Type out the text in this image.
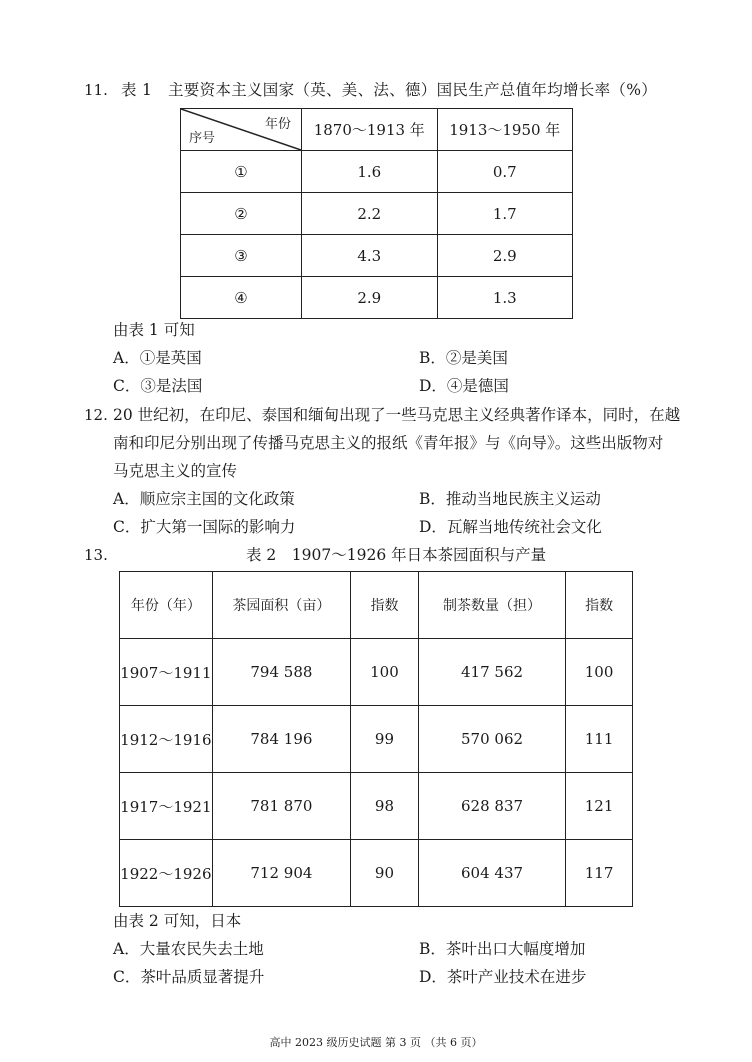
11. 表 1　主要资本主义国家（英、美、法、德）国民生产总值年均增长率（%）
年份
序号	1870～1913 年	1913～1950 年
①	1.6	0.7
②	2.2	1.7
③	4.3	2.9
④	2.9	1.3
由表 1 可知
A．①是英国	B．②是美国
C．③是法国	D．④是德国
12. 20 世纪初，在印尼、泰国和缅甸出现了一些马克思主义经典著作译本，同时，在越
南和印尼分别出现了传播马克思主义的报纸《青年报》与《向导》。这些出版物对
马克思主义的宣传
A．顺应宗主国的文化政策	B．推动当地民族主义运动
C．扩大第一国际的影响力	D．瓦解当地传统社会文化
13.	表 2　1907～1926 年日本茶园面积与产量
年份（年）	茶园面积（亩）	指数	制茶数量（担）	指数
1907～1911	794 588	100	417 562	100
1912～1916	784 196	99	570 062	111
1917～1921	781 870	98	628 837	121
1922～1926	712 904	90	604 437	117
由表 2 可知，日本
A．大量农民失去土地	B．茶叶出口大幅度增加
C．茶叶品质显著提升	D．茶叶产业技术在进步
高中 2023 级历史试题 第 3 页 （共 6 页）
